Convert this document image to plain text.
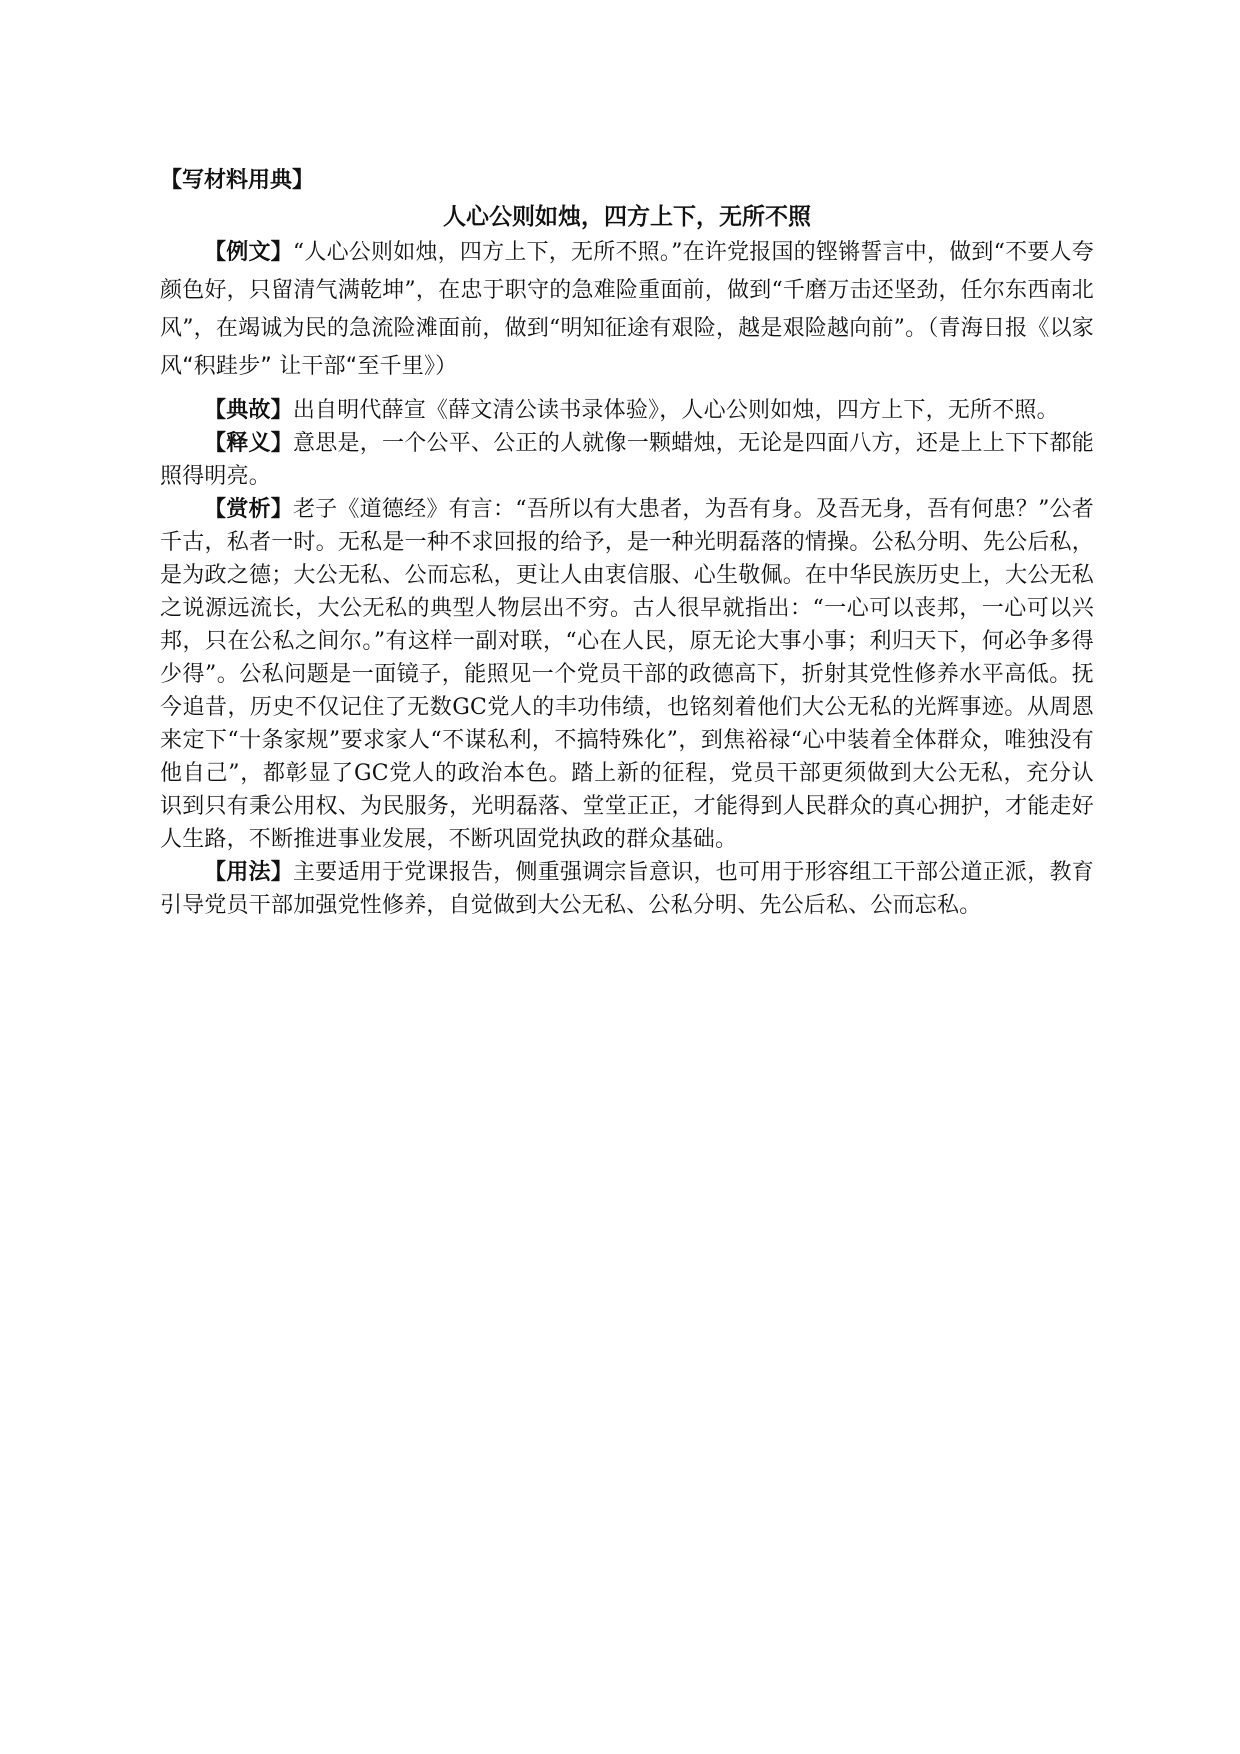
【写材料用典】

人心公则如烛，四方上下，无所不照

【例文】“人心公则如烛，四方上下，无所不照。”在许党报国的铿锵誓言中，做到“不要人夸颜色好，只留清气满乾坤”，在忠于职守的急难险重面前，做到“千磨万击还坚劲，任尔东西南北风”，在竭诚为民的急流险滩面前，做到“明知征途有艰险，越是艰险越向前”。（青海日报《以家风“积跬步” 让干部“至千里》）

【典故】出自明代薛宣《薛文清公读书录体验》，人心公则如烛，四方上下，无所不照。

【释义】意思是，一个公平、公正的人就像一颗蜡烛，无论是四面八方，还是上上下下都能照得明亮。

【赏析】老子《道德经》有言：“吾所以有大患者，为吾有身。及吾无身，吾有何患？”公者千古，私者一时。无私是一种不求回报的给予，是一种光明磊落的情操。公私分明、先公后私，是为政之德；大公无私、公而忘私，更让人由衷信服、心生敬佩。在中华民族历史上，大公无私之说源远流长，大公无私的典型人物层出不穷。古人很早就指出：“一心可以丧邦，一心可以兴邦，只在公私之间尔。”有这样一副对联，“心在人民，原无论大事小事；利归天下，何必争多得少得”。公私问题是一面镜子，能照见一个党员干部的政德高下，折射其党性修养水平高低。抚今追昔，历史不仅记住了无数GC党人的丰功伟绩，也铭刻着他们大公无私的光辉事迹。从周恩来定下“十条家规”要求家人“不谋私利，不搞特殊化”，到焦裕禄“心中装着全体群众，唯独没有他自己”，都彰显了GC党人的政治本色。踏上新的征程，党员干部更须做到大公无私，充分认识到只有秉公用权、为民服务，光明磊落、堂堂正正，才能得到人民群众的真心拥护，才能走好人生路，不断推进事业发展，不断巩固党执政的群众基础。

【用法】主要适用于党课报告，侧重强调宗旨意识，也可用于形容组工干部公道正派，教育引导党员干部加强党性修养，自觉做到大公无私、公私分明、先公后私、公而忘私。
